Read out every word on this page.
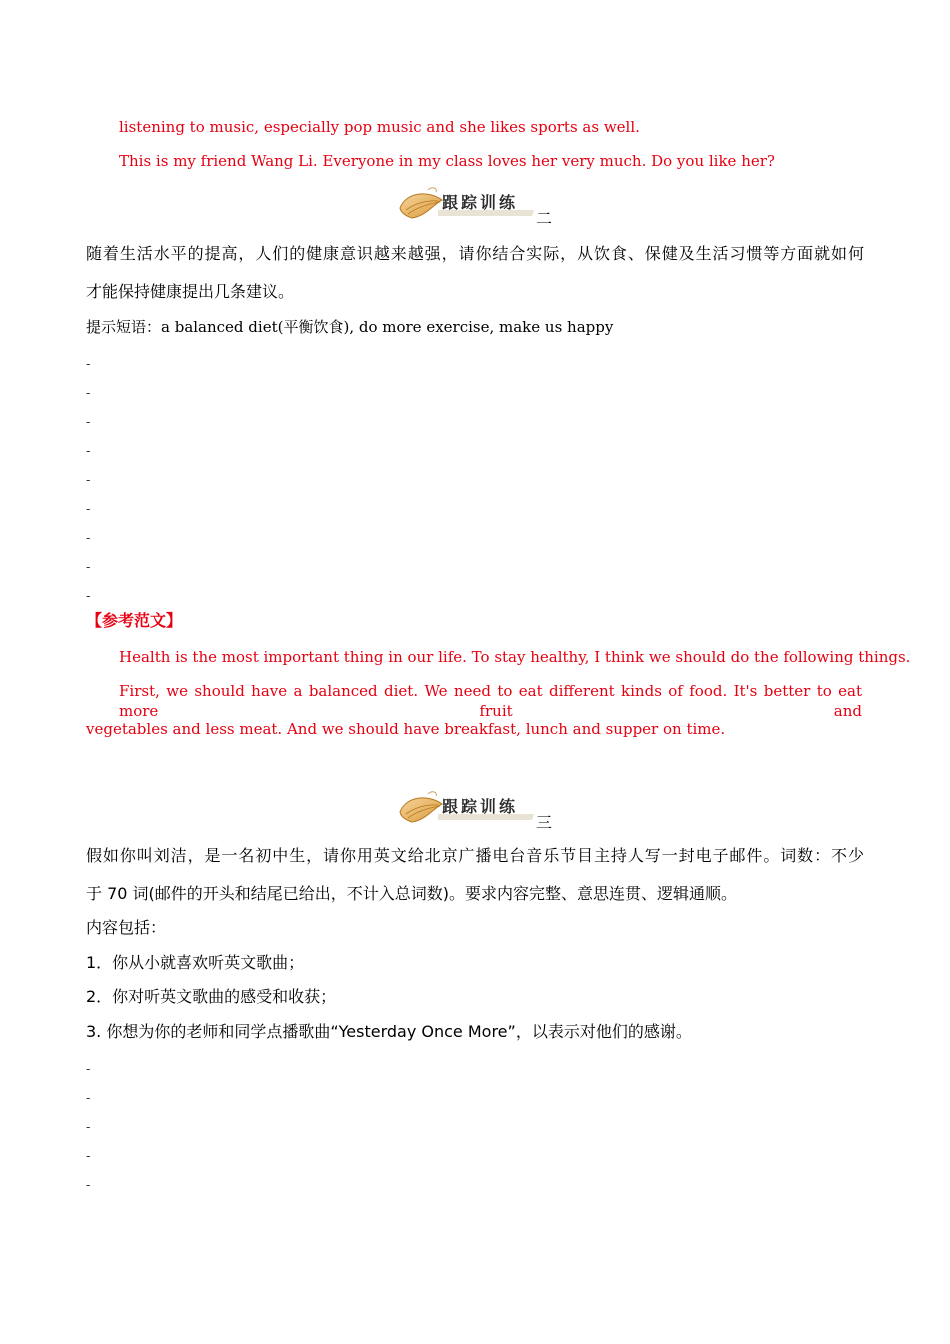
listening to music, especially pop music and she likes sports as well.
This is my friend Wang Li. Everyone in my class loves her very much. Do you like her?
跟踪训练
二
随着生活水平的提高，人们的健康意识越来越强，请你结合实际，从饮食、保健及生活习惯等方面就如何
才能保持健康提出几条建议。
提示短语：a balanced diet(平衡饮食), do more exercise, make us happy
-
-
-
-
-
-
-
-
-
【参考范文】
Health is the most important thing in our life. To stay healthy, I think we should do the following things.
First, we should have a balanced diet. We need to eat different kinds of food. It's better to eat more fruit and
vegetables and less meat. And we should have breakfast, lunch and supper on time.
跟踪训练
三
假如你叫刘洁，是一名初中生，请你用英文给北京广播电台音乐节目主持人写一封电子邮件。词数：不少
于 70 词(邮件的开头和结尾已给出，不计入总词数)。要求内容完整、意思连贯、逻辑通顺。
内容包括：
1．你从小就喜欢听英文歌曲；
2．你对听英文歌曲的感受和收获；
3. 你想为你的老师和同学点播歌曲“Yesterday Once More”，以表示对他们的感谢。
-
-
-
-
-
